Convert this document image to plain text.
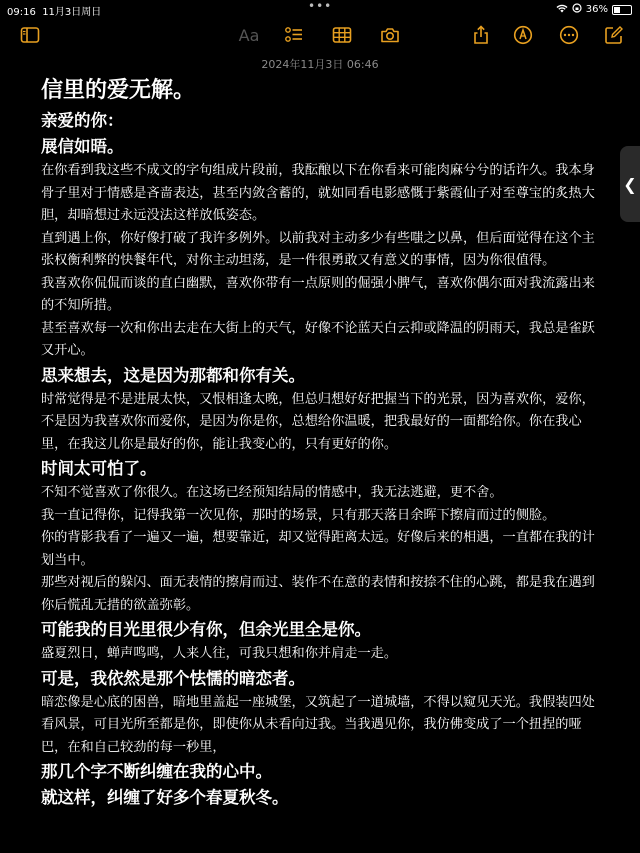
09:16 11月3日周日	•••	36%
Aa
2024年11月3日 06:46

信里的爱无解。

亲爱的你：

展信如晤。

在你看到我这些不成文的字句组成片段前，我酝酿以下在你看来可能肉麻兮兮的话许久。我本身骨子里对于情感是吝啬表达，甚至内敛含蓄的，就如同看电影感慨于紫霞仙子对至尊宝的炙热大胆，却暗想过永远没法这样放低姿态。

直到遇上你，你好像打破了我许多例外。以前我对主动多少有些嗤之以鼻，但后面觉得在这个主张权衡利弊的快餐年代，对你主动坦荡，是一件很勇敢又有意义的事情，因为你很值得。

我喜欢你侃侃而谈的直白幽默，喜欢你带有一点原则的倔强小脾气，喜欢你偶尔面对我流露出来的不知所措。

甚至喜欢每一次和你出去走在大街上的天气，好像不论蓝天白云抑或降温的阴雨天，我总是雀跃又开心。

思来想去，这是因为那都和你有关。

时常觉得是不是进展太快，又恨相逢太晚，但总归想好好把握当下的光景，因为喜欢你，爱你，不是因为我喜欢你而爱你，是因为你是你，总想给你温暖，把我最好的一面都给你。你在我心里，在我这儿你是最好的你，能让我变心的，只有更好的你。

时间太可怕了。

不知不觉喜欢了你很久。在这场已经预知结局的情感中，我无法逃避，更不舍。

我一直记得你，记得我第一次见你，那时的场景，只有那天落日余晖下擦肩而过的侧脸。

你的背影我看了一遍又一遍，想要靠近，却又觉得距离太远。好像后来的相遇，一直都在我的计划当中。

那些对视后的躲闪、面无表情的擦肩而过、装作不在意的表情和按捺不住的心跳，都是我在遇到你后慌乱无措的欲盖弥彰。

可能我的目光里很少有你，但余光里全是你。

盛夏烈日，蝉声鸣鸣，人来人往，可我只想和你并肩走一走。

可是，我依然是那个怯懦的暗恋者。

暗恋像是心底的困兽，暗地里盖起一座城堡，又筑起了一道城墙，不得以窥见天光。我假装四处看风景，可目光所至都是你，即使你从未看向过我。当我遇见你，我仿佛变成了一个扭捏的哑巴，在和自己较劲的每一秒里，

那几个字不断纠缠在我的心中。

就这样，纠缠了好多个春夏秋冬。

❮
